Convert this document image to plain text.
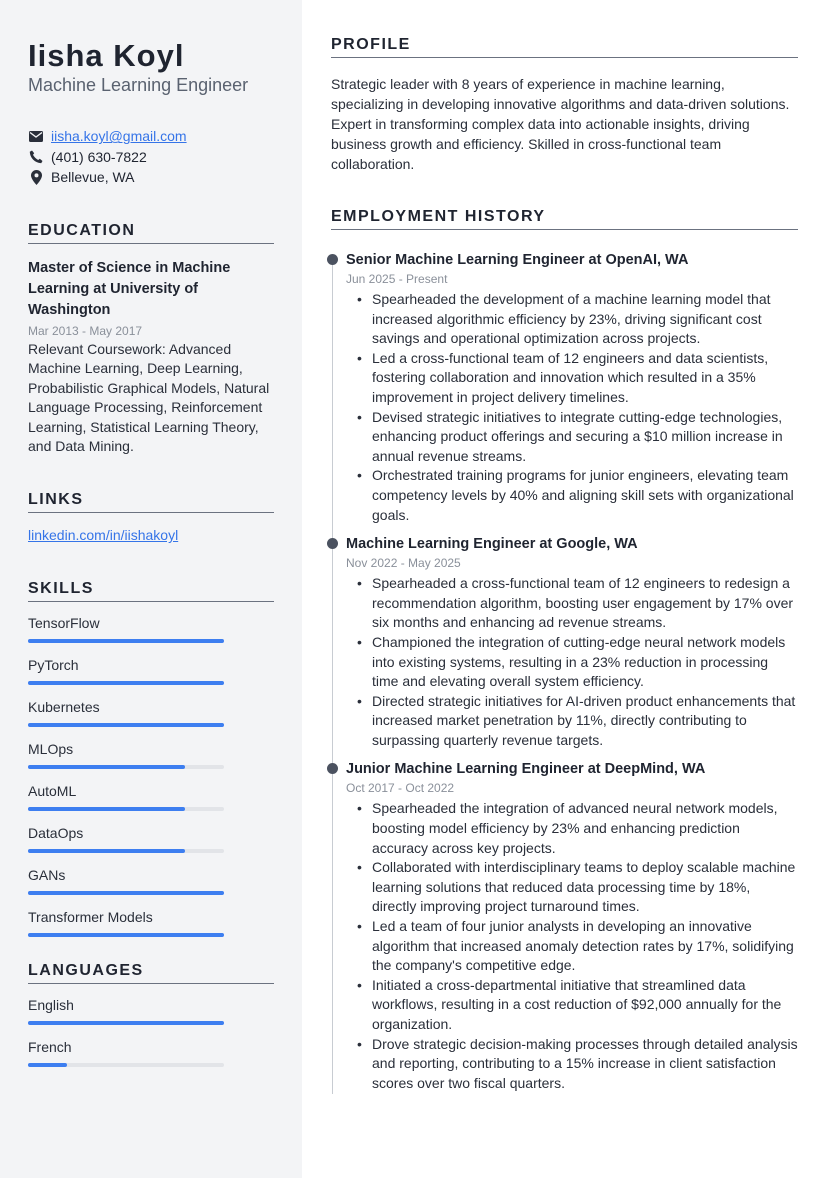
Iisha Koyl
Machine Learning Engineer
iisha.koyl@gmail.com
(401) 630-7822
Bellevue, WA
EDUCATION
Master of Science in Machine Learning at University of Washington
Mar 2013 - May 2017
Relevant Coursework: Advanced Machine Learning, Deep Learning, Probabilistic Graphical Models, Natural Language Processing, Reinforcement Learning, Statistical Learning Theory, and Data Mining.
LINKS
linkedin.com/in/iishakoyl
SKILLS
TensorFlow
PyTorch
Kubernetes
MLOps
AutoML
DataOps
GANs
Transformer Models
LANGUAGES
English
French
PROFILE
Strategic leader with 8 years of experience in machine learning, specializing in developing innovative algorithms and data-driven solutions. Expert in transforming complex data into actionable insights, driving business growth and efficiency. Skilled in cross-functional team collaboration.
EMPLOYMENT HISTORY
Senior Machine Learning Engineer at OpenAI, WA
Jun 2025 - Present
• Spearheaded the development of a machine learning model that increased algorithmic efficiency by 23%, driving significant cost savings and operational optimization across projects.
• Led a cross-functional team of 12 engineers and data scientists, fostering collaboration and innovation which resulted in a 35% improvement in project delivery timelines.
• Devised strategic initiatives to integrate cutting-edge technologies, enhancing product offerings and securing a $10 million increase in annual revenue streams.
• Orchestrated training programs for junior engineers, elevating team competency levels by 40% and aligning skill sets with organizational goals.
Machine Learning Engineer at Google, WA
Nov 2022 - May 2025
• Spearheaded a cross-functional team of 12 engineers to redesign a recommendation algorithm, boosting user engagement by 17% over six months and enhancing ad revenue streams.
• Championed the integration of cutting-edge neural network models into existing systems, resulting in a 23% reduction in processing time and elevating overall system efficiency.
• Directed strategic initiatives for AI-driven product enhancements that increased market penetration by 11%, directly contributing to surpassing quarterly revenue targets.
Junior Machine Learning Engineer at DeepMind, WA
Oct 2017 - Oct 2022
• Spearheaded the integration of advanced neural network models, boosting model efficiency by 23% and enhancing prediction accuracy across key projects.
• Collaborated with interdisciplinary teams to deploy scalable machine learning solutions that reduced data processing time by 18%, directly improving project turnaround times.
• Led a team of four junior analysts in developing an innovative algorithm that increased anomaly detection rates by 17%, solidifying the company's competitive edge.
• Initiated a cross-departmental initiative that streamlined data workflows, resulting in a cost reduction of $92,000 annually for the organization.
• Drove strategic decision-making processes through detailed analysis and reporting, contributing to a 15% increase in client satisfaction scores over two fiscal quarters.
